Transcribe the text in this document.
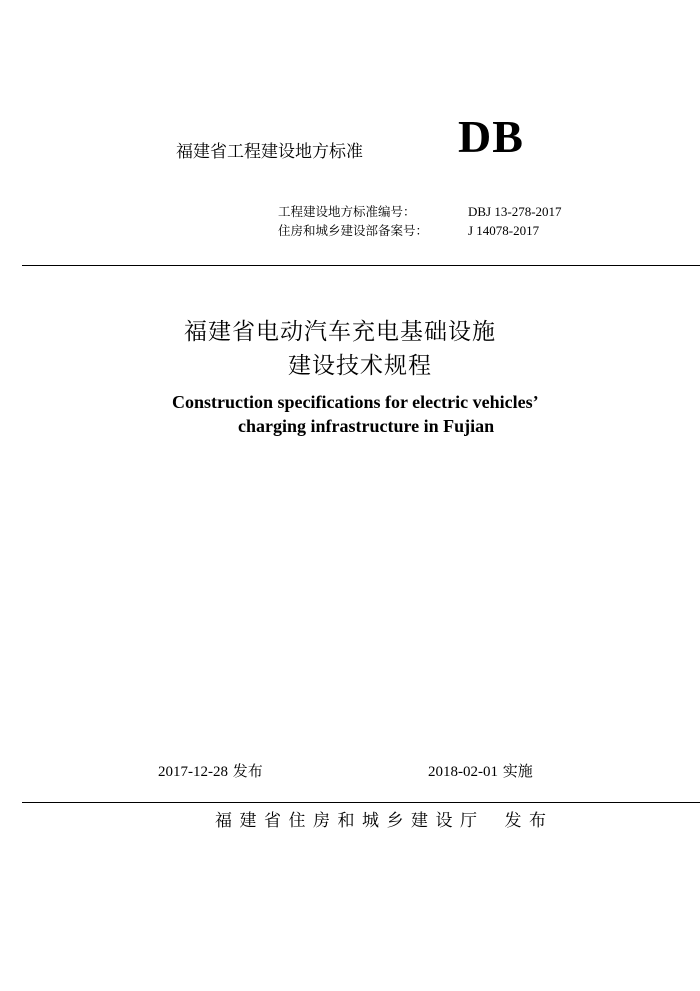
福建省工程建设地方标准 DB
工程建设地方标准编号：	DBJ 13-278-2017
住房和城乡建设部备案号：	J 14078-2017
福建省电动汽车充电基础设施
建设技术规程
Construction specifications for electric vehicles’
charging infrastructure in Fujian
2017-12-28 发布	2018-02-01 实施
福建省住房和城乡建设厅 发布
